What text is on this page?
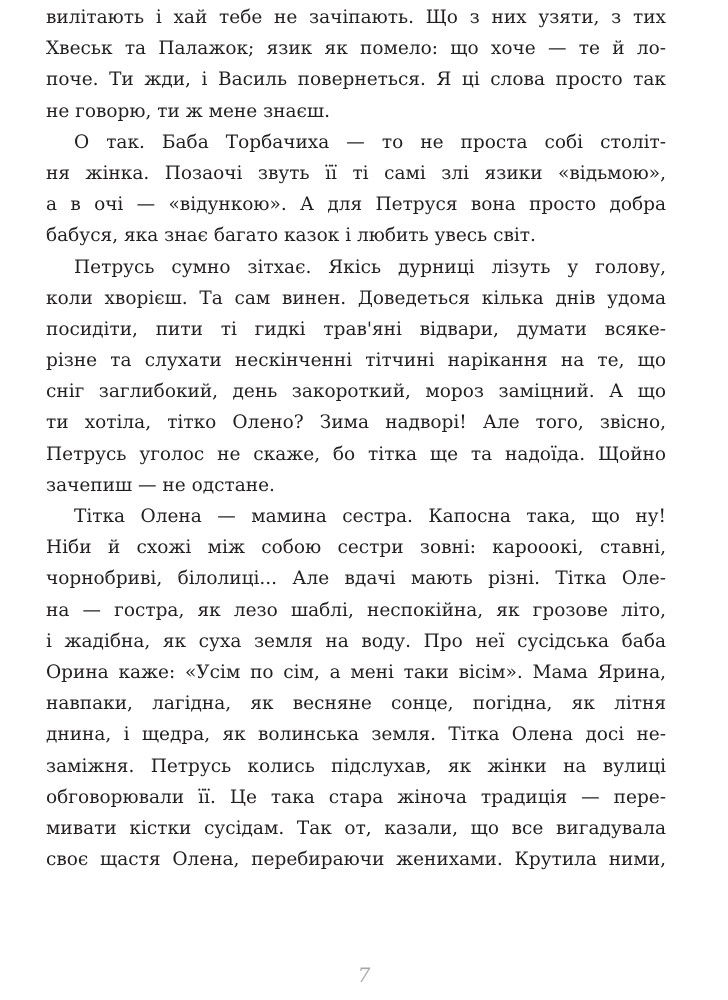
вилітають і хай тебе не зачіпають. Що з них узяти, з тих
Хвеськ та Палажок; язик як помело: що хоче — те й ло-
поче. Ти жди, і Василь повернеться. Я ці слова просто так
не говорю, ти ж мене знаєш.
О так. Баба Торбачиха — то не проста собі століт-
ня жінка. Позаочі звуть її ті самі злі язики «відьмою»,
а в очі — «відункою». А для Петруся вона просто добра
бабуся, яка знає багато казок і любить увесь світ.
Петрусь сумно зітхає. Якісь дурниці лізуть у голову,
коли хворієш. Та сам винен. Доведеться кілька днів удома
посидіти, пити ті гидкі трав'яні відвари, думати всяке-
різне та слухати нескінченні тітчині нарікання на те, що
сніг заглибокий, день закороткий, мороз заміцний. А що
ти хотіла, тітко Олено? Зима надворі! Але того, звісно,
Петрусь уголос не скаже, бо тітка ще та надоїда. Щойно
зачепиш — не одстане.
Тітка Олена — мамина сестра. Капосна така, що ну!
Ніби й схожі між собою сестри зовні: карооокі, ставні,
чорнобриві, білолиці... Але вдачі мають різні. Тітка Оле-
на — гостра, як лезо шаблі, неспокійна, як грозове літо,
і жадібна, як суха земля на воду. Про неї сусідська баба
Орина каже: «Усім по сім, а мені таки вісім». Мама Ярина,
навпаки, лагідна, як весняне сонце, погідна, як літня
днина, і щедра, як волинська земля. Тітка Олена досі не-
заміжня. Петрусь колись підслухав, як жінки на вулиці
обговорювали її. Це така стара жіноча традиція — пере-
мивати кістки сусідам. Так от, казали, що все вигадувала
своє щастя Олена, перебираючи женихами. Крутила ними,
7
